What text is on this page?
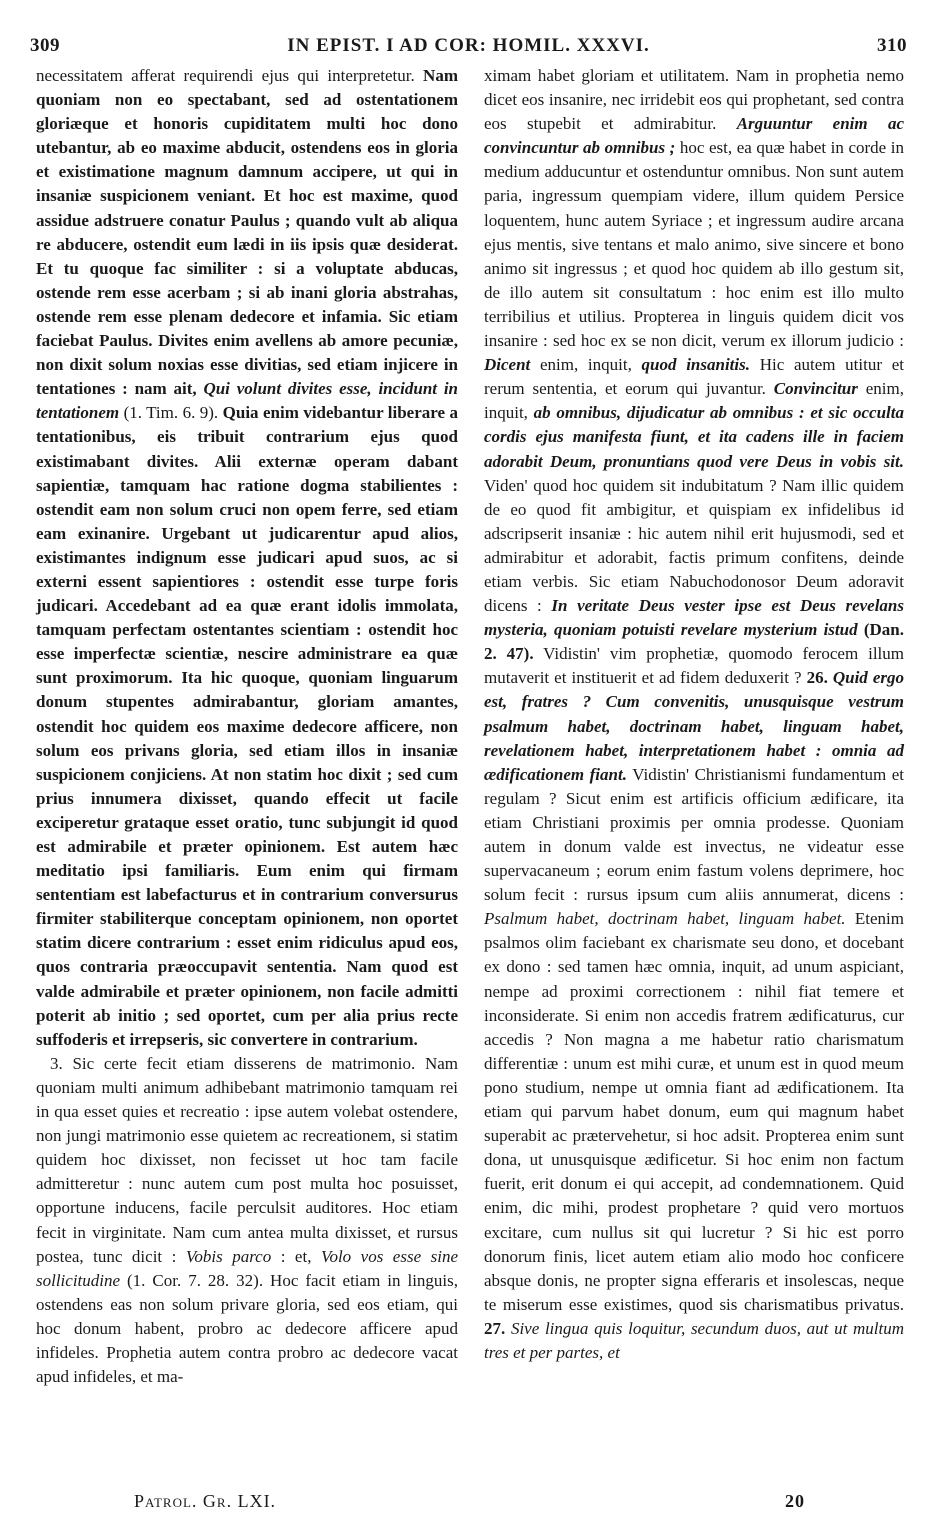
309	IN EPIST. I AD COR: HOMIL. XXXVI.	310

necessitatem afferat requirendi ejus qui interpretetur. Nam quoniam non eo spectabant, sed ad ostentationem gloriæque et honoris cupiditatem multi hoc dono utebantur, ab eo maxime abducit, ostendens eos in gloria et existimatione magnum damnum accipere, ut qui in insaniæ suspicionem veniant. Et hoc est maxime, quod assidue adstruere conatur Paulus ; quando vult ab aliqua re abducere, ostendit eum lædi in iis ipsis quæ desiderat. Et tu quoque fac similiter : si a voluptate abducas, ostende rem esse acerbam ; si ab inani gloria abstrahas, ostende rem esse plenam dedecore et infamia. Sic etiam faciebat Paulus. Divites enim avellens ab amore pecuniæ, non dixit solum noxias esse divitias, sed etiam injicere in tentationes : nam ait, Qui volunt divites esse, incidunt in tentationem (1. Tim. 6. 9). Quia enim videbantur liberare a tentationibus, eis tribuit contrarium ejus quod existimabant divites. Alii externæ operam dabant sapientiæ, tamquam hac ratione dogma stabilientes : ostendit eam non solum cruci non opem ferre, sed etiam eam exinanire. Urgebant ut judicarentur apud alios, existimantes indignum esse judicari apud suos, ac si externi essent sapientiores : ostendit esse turpe foris judicari. Accedebant ad ea quæ erant idolis immolata, tamquam perfectam ostentantes scientiam : ostendit hoc esse imperfectæ scientiæ, nescire administrare ea quæ sunt proximorum. Ita hic quoque, quoniam linguarum donum stupentes admirabantur, gloriam amantes, ostendit hoc quidem eos maxime dedecore afficere, non solum eos privans gloria, sed etiam illos in insaniæ suspicionem conjiciens. At non statim hoc dixit ; sed cum prius innumera dixisset, quando effecit ut facile exciperetur grataque esset oratio, tunc subjungit id quod est admirabile et præter opinionem. Est autem hæc meditatio ipsi familiaris. Eum enim qui firmam sententiam est labefacturus et in contrarium conversurus firmiter stabiliterque conceptam opinionem, non oportet statim dicere contrarium : esset enim ridiculus apud eos, quos contraria præoccupavit sententia. Nam quod est valde admirabile et præter opinionem, non facile admitti poterit ab initio ; sed oportet, cum per alia prius recte suffoderis et irrepseris, sic convertere in contrarium.

3. Sic certe fecit etiam disserens de matrimonio. Nam quoniam multi animum adhibebant matrimonio tamquam rei in qua esset quies et recreatio : ipse autem volebat ostendere, non jungi matrimonio esse quietem ac recreationem, si statim quidem hoc dixisset, non fecisset ut hoc tam facile admitteretur : nunc autem cum post multa hoc posuisset, opportune inducens, facile perculsit auditores. Hoc etiam fecit in virginitate. Nam cum antea multa dixisset, et rursus postea, tunc dicit : Vobis parco : et, Volo vos esse sine sollicitudine (1. Cor. 7. 28. 32). Hoc facit etiam in linguis, ostendens eas non solum privare gloria, sed eos etiam, qui hoc donum habent, probro ac dedecore afficere apud infideles. Prophetia autem contra probro ac dedecore vacat apud infideles, et ma-

ximam habet gloriam et utilitatem. Nam in prophetia nemo dicet eos insanire, nec irridebit eos qui prophetant, sed contra eos stupebit et admirabitur. Arguuntur enim ac convincuntur ab omnibus ; hoc est, ea quæ habet in corde in medium adducuntur et ostenduntur omnibus. Non sunt autem paria, ingressum quempiam videre, illum quidem Persice loquentem, hunc autem Syriace ; et ingressum audire arcana ejus mentis, sive tentans et malo animo, sive sincere et bono animo sit ingressus ; et quod hoc quidem ab illo gestum sit, de illo autem sit consultatum : hoc enim est illo multo terribilius et utilius. Propterea in linguis quidem dicit vos insanire : sed hoc ex se non dicit, verum ex illorum judicio : Dicent enim, inquit, quod insanitis. Hic autem utitur et rerum sententia, et eorum qui juvantur. Convincitur enim, inquit, ab omnibus, dijudicatur ab omnibus : et sic occulta cordis ejus manifesta fiunt, et ita cadens ille in faciem adorabit Deum, pronuntians quod vere Deus in vobis sit. Viden' quod hoc quidem sit indubitatum ? Nam illic quidem de eo quod fit ambigitur, et quispiam ex infidelibus id adscripserit insaniæ : hic autem nihil erit hujusmodi, sed et admirabitur et adorabit, factis primum confitens, deinde etiam verbis. Sic etiam Nabuchodonosor Deum adoravit dicens : In veritate Deus vester ipse est Deus revelans mysteria, quoniam potuisti revelare mysterium istud (Dan. 2. 47). Vidistin' vim prophetiæ, quomodo ferocem illum mutaverit et instituerit et ad fidem deduxerit ? 26. Quid ergo est, fratres ? Cum convenitis, unusquisque vestrum psalmum habet, doctrinam habet, linguam habet, revelationem habet, interpretationem habet : omnia ad ædificationem fiant. Vidistin' Christianismi fundamentum et regulam ? Sicut enim est artificis officium ædificare, ita etiam Christiani proximis per omnia prodesse. Quoniam autem in donum valde est invectus, ne videatur esse supervacaneum ; eorum enim fastum volens deprimere, hoc solum fecit : rursus ipsum cum aliis annumerat, dicens : Psalmum habet, doctrinam habet, linguam habet. Etenim psalmos olim faciebant ex charismate seu dono, et docebant ex dono : sed tamen hæc omnia, inquit, ad unum aspiciant, nempe ad proximi correctionem : nihil fiat temere et inconsiderate. Si enim non accedis fratrem ædificaturus, cur accedis ? Non magna a me habetur ratio charismatum differentiæ : unum est mihi curæ, et unum est in quod meum pono studium, nempe ut omnia fiant ad ædificationem. Ita etiam qui parvum habet donum, eum qui magnum habet superabit ac prætervehetur, si hoc adsit. Propterea enim sunt dona, ut unusquisque ædificetur. Si hoc enim non factum fuerit, erit donum ei qui accepit, ad condemnationem. Quid enim, dic mihi, prodest prophetare ? quid vero mortuos excitare, cum nullus sit qui lucretur ? Si hic est porro donorum finis, licet autem etiam alio modo hoc conficere absque donis, ne propter signa efferaris et insolescas, neque te miserum esse existimes, quod sis charismatibus privatus. 27. Sive lingua quis loquitur, secundum duos, aut ut multum tres et per partes, et

Patrol. Gr. LXI.	20
